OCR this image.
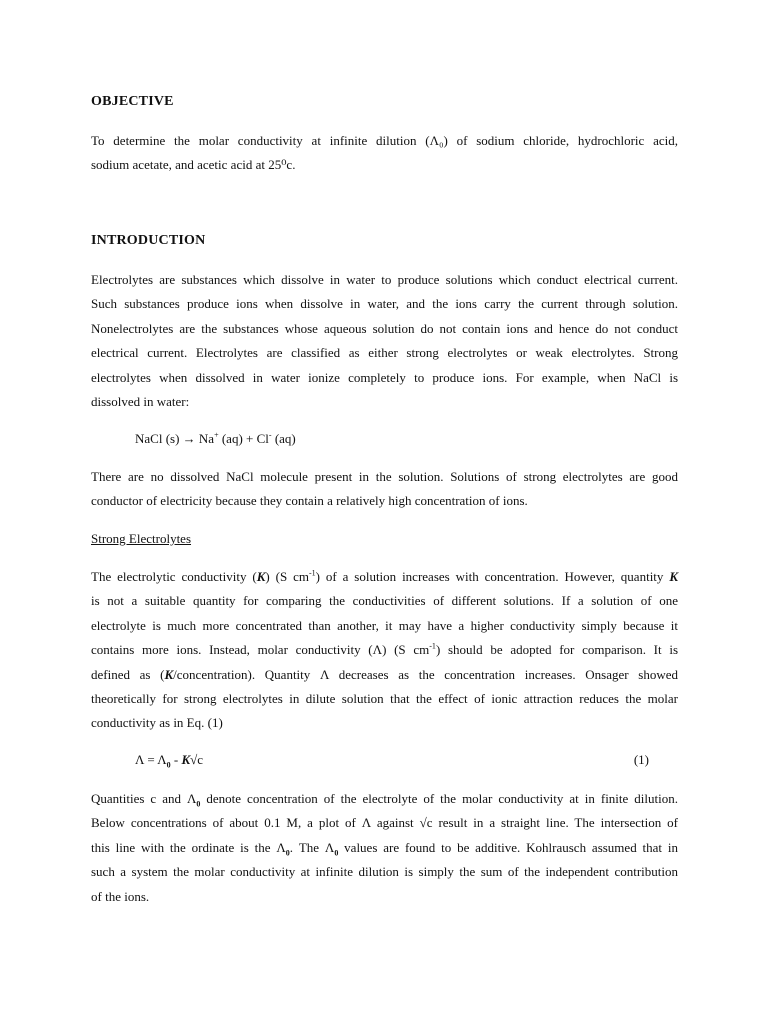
OBJECTIVE
To determine the molar conductivity at infinite dilution (Λ₀) of sodium chloride, hydrochloric acid,
sodium acetate, and acetic acid at 25⁰c.
INTRODUCTION
Electrolytes are substances which dissolve in water to produce solutions which conduct electrical current.
Such substances produce ions when dissolve in water, and the ions carry the current through solution.
Nonelectrolytes are the substances whose aqueous solution do not contain ions and hence do not conduct
electrical current. Electrolytes are classified as either strong electrolytes or weak electrolytes. Strong
electrolytes when dissolved in water ionize completely to produce ions. For example, when NaCl is
dissolved in water:
NaCl (s) → Na+ (aq) + Cl- (aq)
There are no dissolved NaCl molecule present in the solution. Solutions of strong electrolytes are good
conductor of electricity because they contain a relatively high concentration of ions.
Strong Electrolytes
The electrolytic conductivity (K) (S $cm^{-1}$) of a solution increases with concentration. However, quantity K
is not a suitable quantity for comparing the conductivities of different solutions. If a solution of one
electrolyte is much more concentrated than another, it may have a higher conductivity simply because it
contains more ions. Instead, molar conductivity (Λ) (S $cm^{-1}$) should be adopted for comparison. It is
defined as (K/concentration). Quantity Λ decreases as the concentration increases. Onsager showed
theoretically for strong electrolytes in dilute solution that the effect of ionic attraction reduces the molar
conductivity as in Eq. (1)
$\Lambda = \Lambda_0 - K√c$	(1)
Quantities c and $\Lambda_0$ denote concentration of the electrolyte of the molar conductivity at in finite dilution.
Below concentrations of about 0.1 M, a plot of Λ against √c result in a straight line. The intersection of
this line with the ordinate is the $\Lambda_0$. The $\Lambda_0$ values are found to be additive. Kohlrausch assumed that in
such a system the molar conductivity at infinite dilution is simply the sum of the independent contribution
of the ions.
